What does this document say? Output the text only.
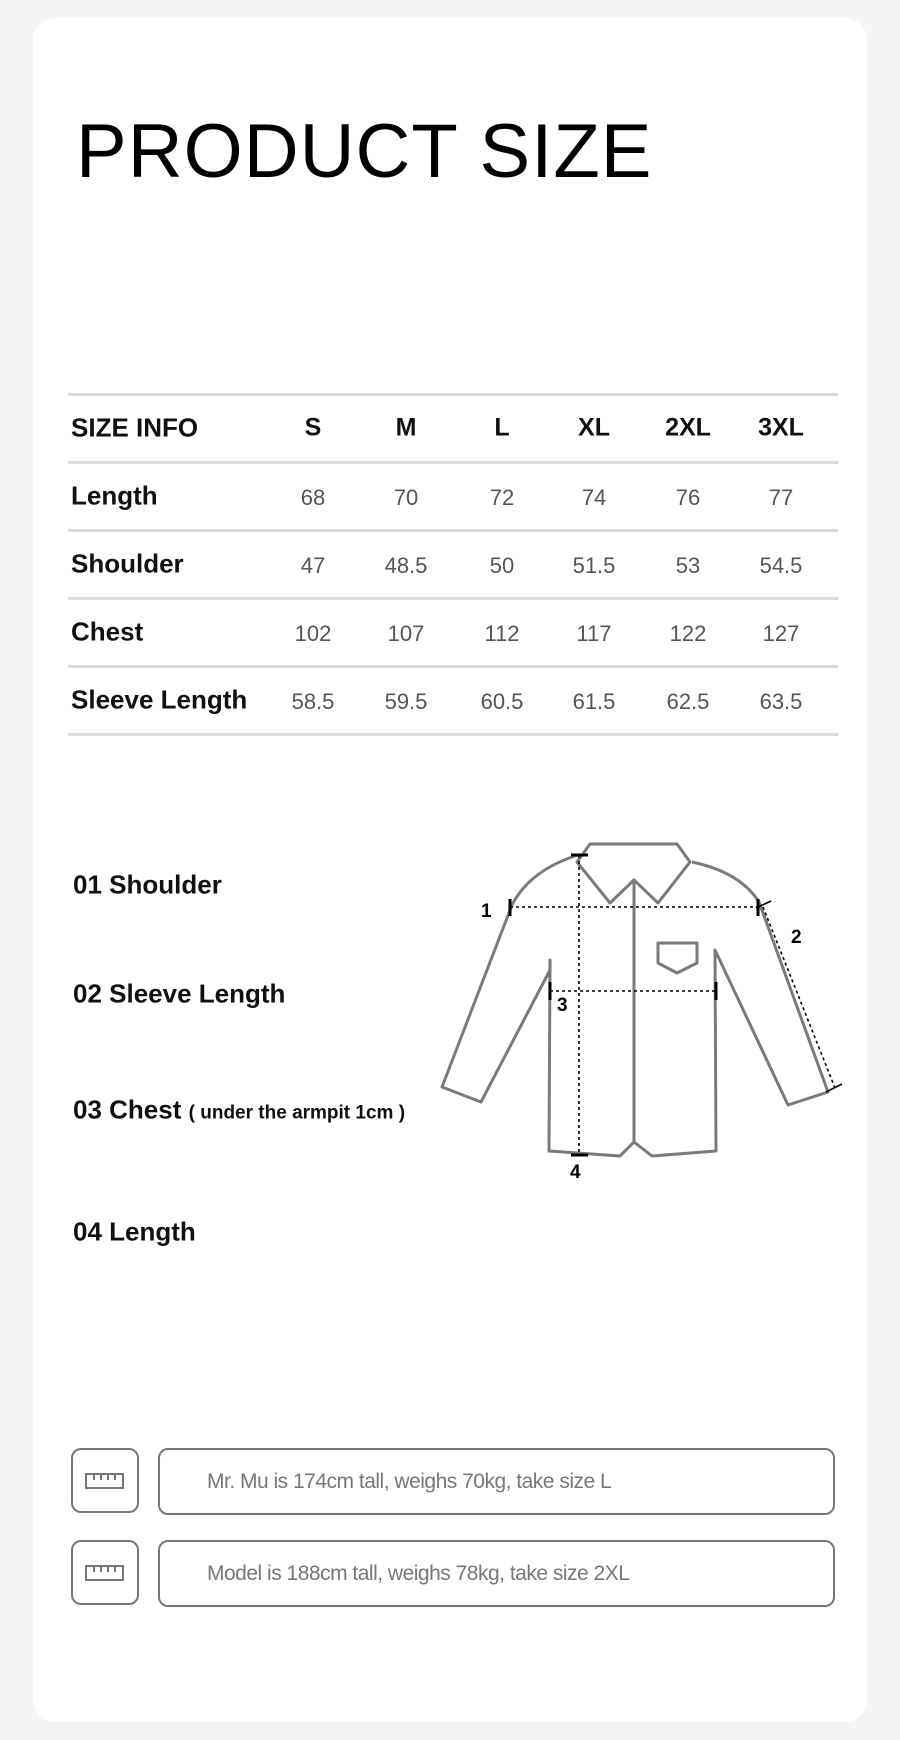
PRODUCT SIZE
SIZE INFO	S	M	L	XL 2XL 3XL
Length	68	70	72	74	76	77
Shoulder	47	48.5	50	51.5	53	54.5
Chest	102	107	112	117	122	127
Sleeve Length 58.5 59.5 60.5 61.5 62.5 63.5
01 Shoulder
02 Sleeve Length
03 Chest ( under the armpit 1cm )
04 Length
1
2
3
4
Mr. Mu is 174cm tall, weighs 70kg, take size L
Model is 188cm tall, weighs 78kg, take size 2XL
